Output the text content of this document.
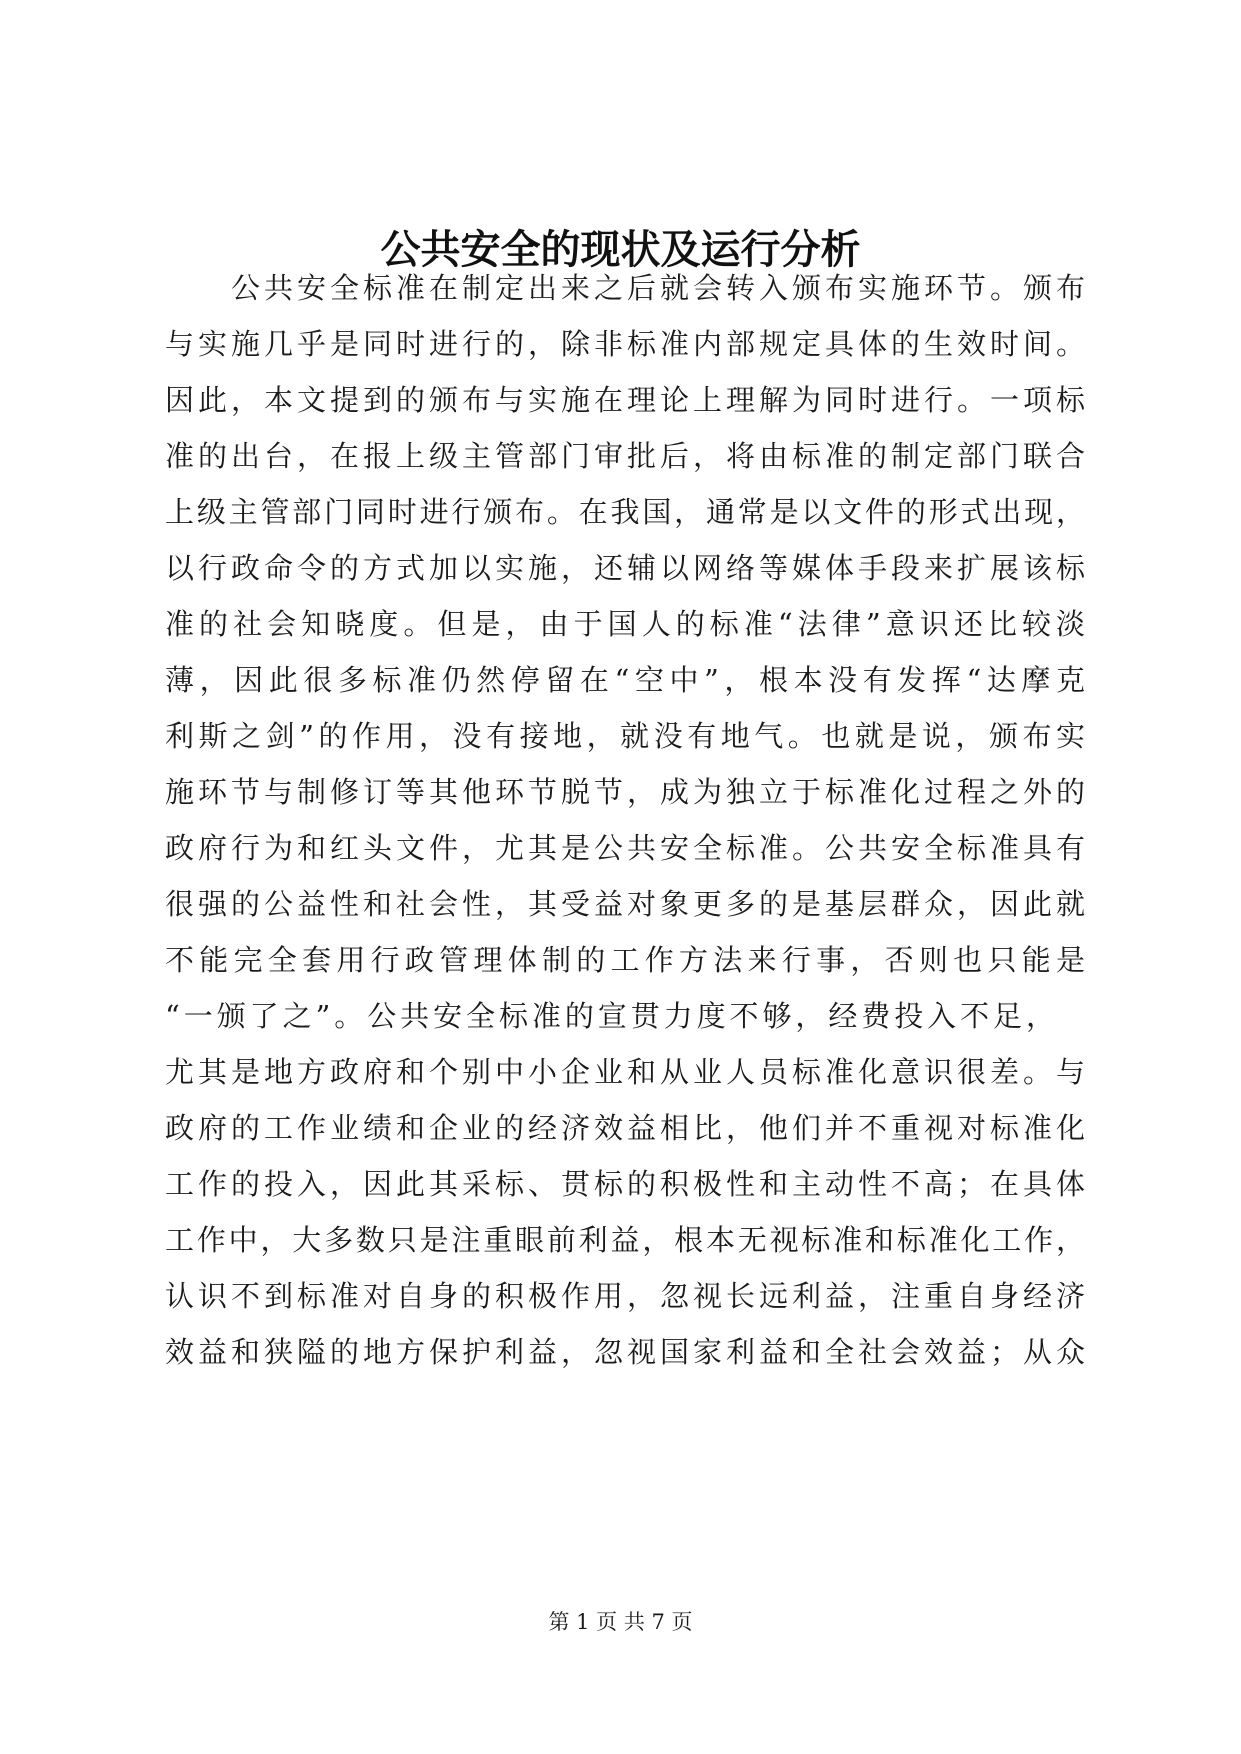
公共安全的现状及运行分析
公共安全标准在制定出来之后就会转入颁布实施环节。颁布
与实施几乎是同时进行的，除非标准内部规定具体的生效时间。
因此，本文提到的颁布与实施在理论上理解为同时进行。一项标
准的出台，在报上级主管部门审批后，将由标准的制定部门联合
上级主管部门同时进行颁布。在我国，通常是以文件的形式出现，
以行政命令的方式加以实施，还辅以网络等媒体手段来扩展该标
准的社会知晓度。但是，由于国人的标准“法律”意识还比较淡
薄，因此很多标准仍然停留在“空中”，根本没有发挥“达摩克
利斯之剑”的作用，没有接地，就没有地气。也就是说，颁布实
施环节与制修订等其他环节脱节，成为独立于标准化过程之外的
政府行为和红头文件，尤其是公共安全标准。公共安全标准具有
很强的公益性和社会性，其受益对象更多的是基层群众，因此就
不能完全套用行政管理体制的工作方法来行事，否则也只能是
“一颁了之”。公共安全标准的宣贯力度不够，经费投入不足，
尤其是地方政府和个别中小企业和从业人员标准化意识很差。与
政府的工作业绩和企业的经济效益相比，他们并不重视对标准化
工作的投入，因此其采标、贯标的积极性和主动性不高；在具体
工作中，大多数只是注重眼前利益，根本无视标准和标准化工作，
认识不到标准对自身的积极作用，忽视长远利益，注重自身经济
效益和狭隘的地方保护利益，忽视国家利益和全社会效益；从众
第 1 页 共 7 页
